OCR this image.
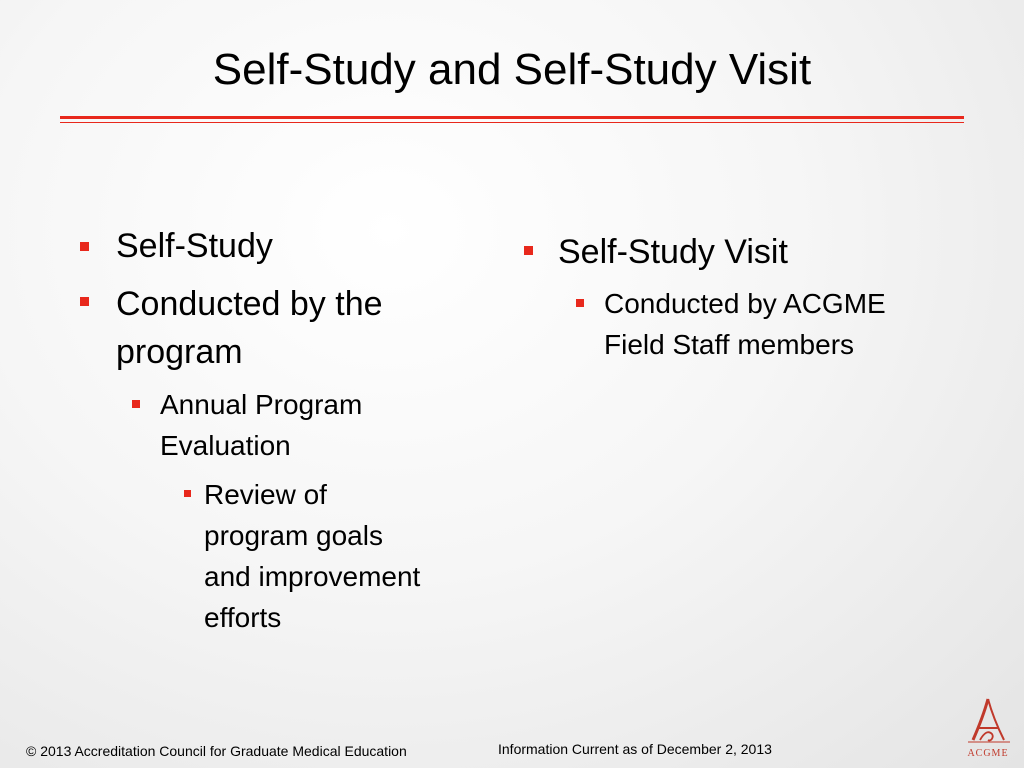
Self-Study and Self-Study Visit
Self-Study
Conducted by the
program
Annual Program
Evaluation
Review of
program goals
and improvement
efforts
Self-Study Visit
Conducted by ACGME
Field Staff members
© 2013 Accreditation Council for Graduate Medical Education	Information Current as of December 2, 2013	ACGME
